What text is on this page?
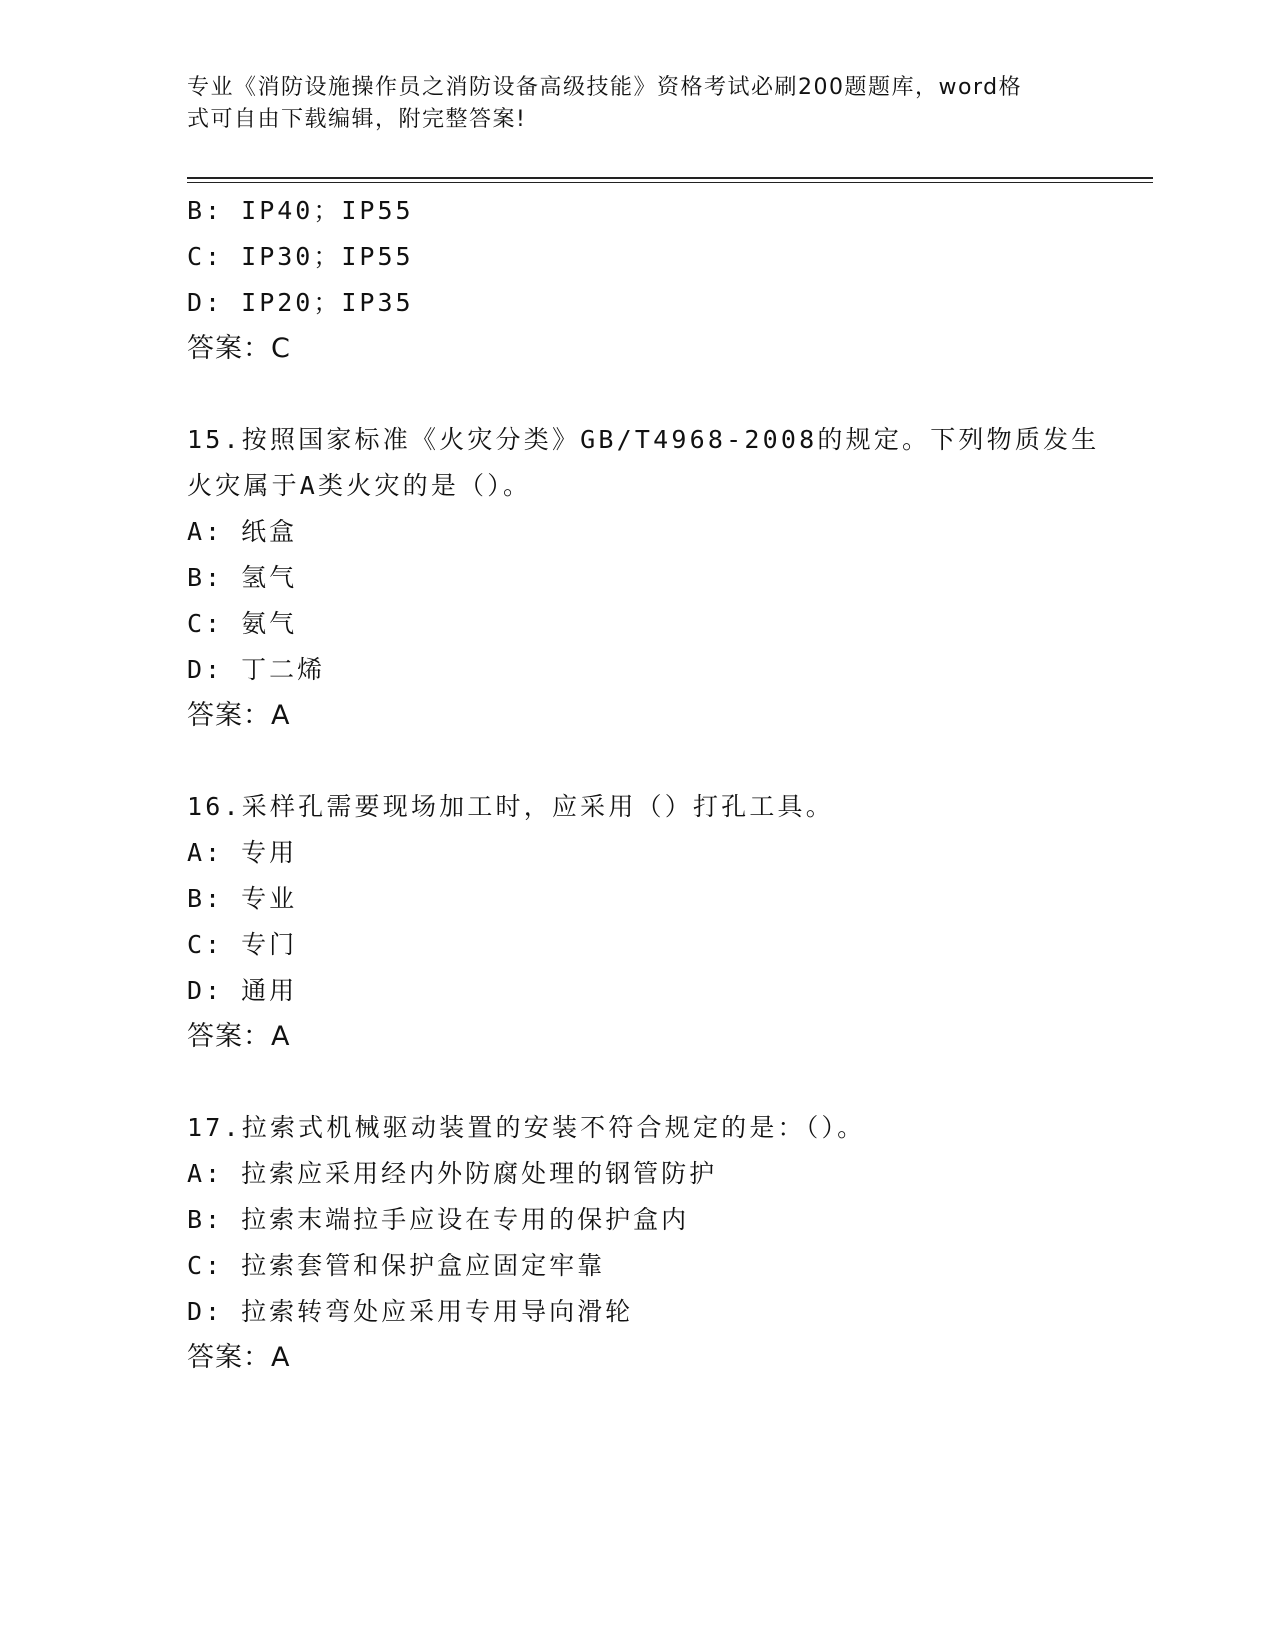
专业《消防设施操作员之消防设备高级技能》资格考试必刷200题题库，word格
式可自由下载编辑，附完整答案!
B: IP40；IP55
C: IP30；IP55
D: IP20；IP35
答案：C
15.按照国家标准《火灾分类》GB/T4968-2008的规定。下列物质发生
火灾属于A类火灾的是（）。
A: 纸盒
B: 氢气
C: 氨气
D: 丁二烯
答案：A
16.采样孔需要现场加工时，应采用（）打孔工具。
A: 专用
B: 专业
C: 专门
D: 通用
答案：A
17.拉索式机械驱动装置的安装不符合规定的是：（）。
A: 拉索应采用经内外防腐处理的钢管防护
B: 拉索末端拉手应设在专用的保护盒内
C: 拉索套管和保护盒应固定牢靠
D: 拉索转弯处应采用专用导向滑轮
答案：A
